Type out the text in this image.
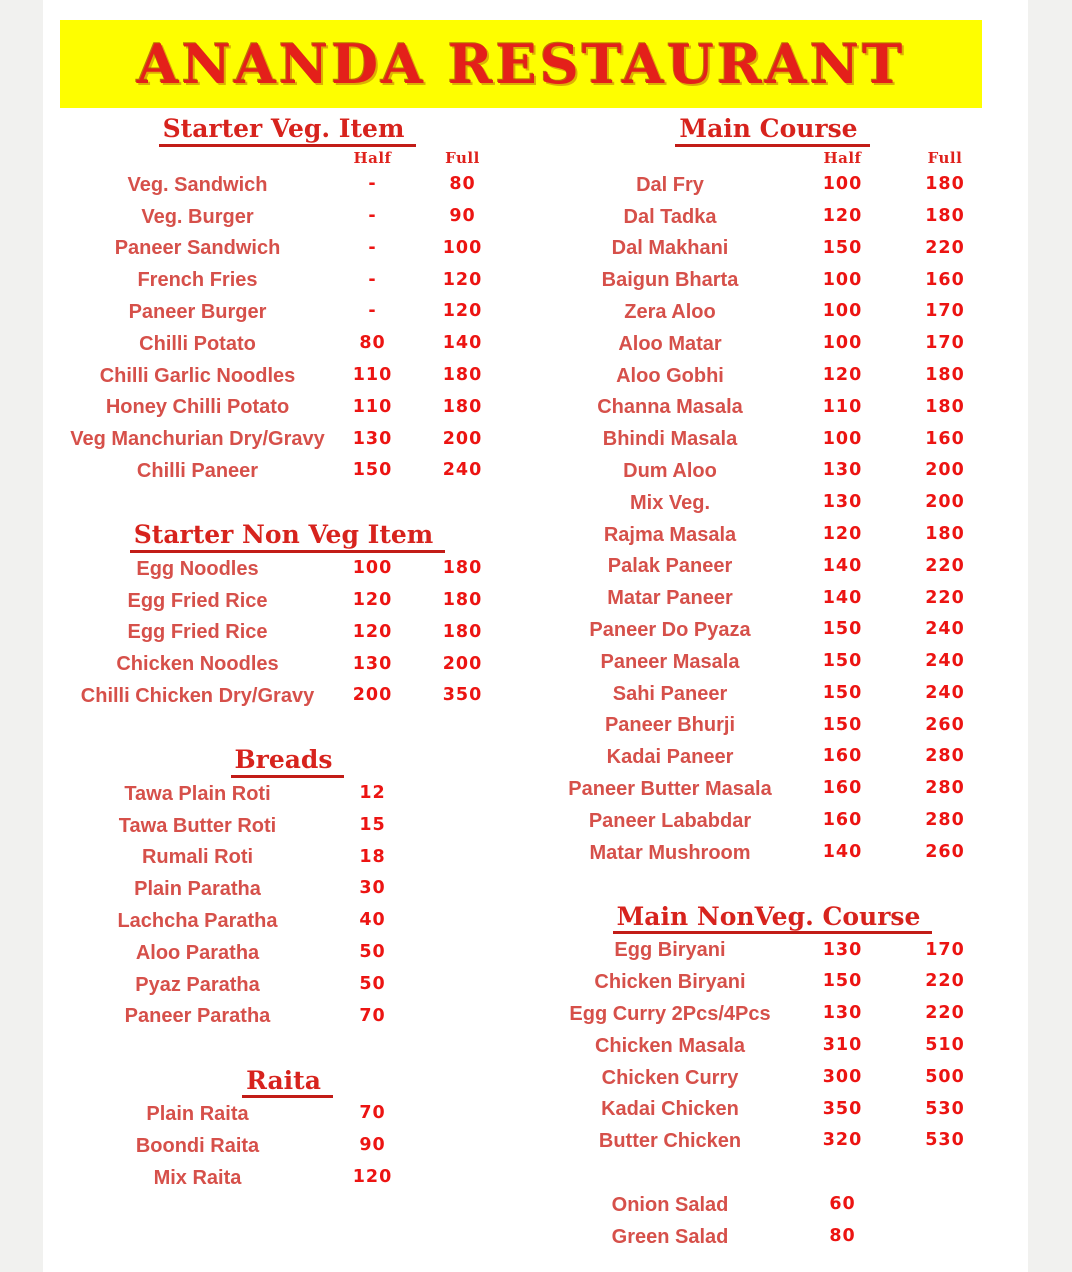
ANANDA RESTAURANT
Starter Veg. Item
Half	Full
Veg. Sandwich	-	80
Veg. Burger	-	90
Paneer Sandwich	-	100
French Fries	-	120
Paneer Burger	-	120
Chilli Potato	80	140
Chilli Garlic Noodles	110	180
Honey Chilli Potato	110	180
Veg Manchurian Dry/Gravy	130	200
Chilli Paneer	150	240
Starter Non Veg Item
Egg Noodles	100	180
Egg Fried Rice	120	180
Egg Fried Rice	120	180
Chicken Noodles	130	200
Chilli Chicken Dry/Gravy	200	350
Breads
Tawa Plain Roti	12
Tawa Butter Roti	15
Rumali Roti	18
Plain Paratha	30
Lachcha Paratha	40
Aloo Paratha	50
Pyaz Paratha	50
Paneer Paratha	70
Raita
Plain Raita	70
Boondi Raita	90
Mix Raita	120
Main Course
Half	Full
Dal Fry	100	180
Dal Tadka	120	180
Dal Makhani	150	220
Baigun Bharta	100	160
Zera Aloo	100	170
Aloo Matar	100	170
Aloo Gobhi	120	180
Channa Masala	110	180
Bhindi Masala	100	160
Dum Aloo	130	200
Mix Veg.	130	200
Rajma Masala	120	180
Palak Paneer	140	220
Matar Paneer	140	220
Paneer Do Pyaza	150	240
Paneer Masala	150	240
Sahi Paneer	150	240
Paneer Bhurji	150	260
Kadai Paneer	160	280
Paneer Butter Masala	160	280
Paneer Lababdar	160	280
Matar Mushroom	140	260
Main NonVeg. Course
Egg Biryani	130	170
Chicken Biryani	150	220
Egg Curry 2Pcs/4Pcs	130	220
Chicken Masala	310	510
Chicken Curry	300	500
Kadai Chicken	350	530
Butter Chicken	320	530
Onion Salad	60
Green Salad	80
